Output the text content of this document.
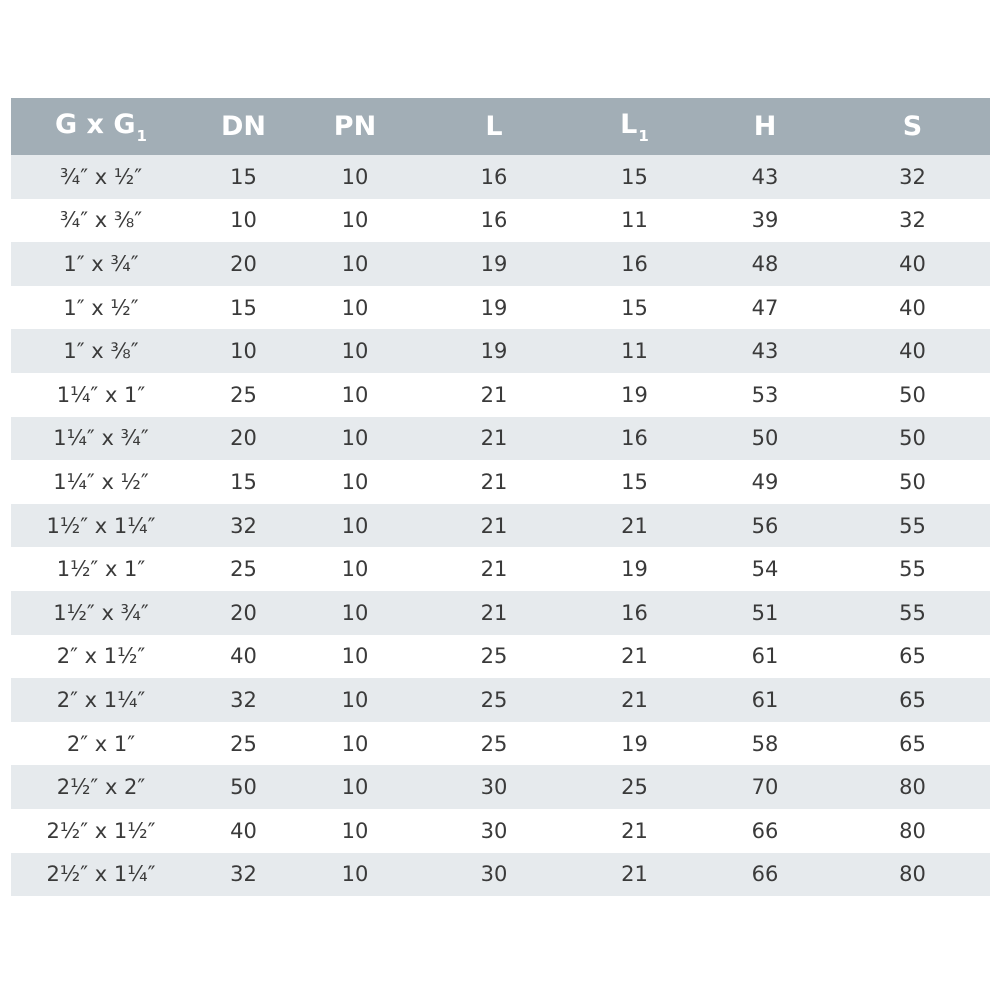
G x $G_1$	DN	PN	L	$L_1$	H	S
¾″ x ½″	15	10	16	15	43	32
¾″ x ⅜″	10	10	16	11	39	32
1″ x ¾″	20	10	19	16	48	40
1″ x ½″	15	10	19	15	47	40
1″ x ⅜″	10	10	19	11	43	40
1¼″ x 1″	25	10	21	19	53	50
1¼″ x ¾″	20	10	21	16	50	50
1¼″ x ½″	15	10	21	15	49	50
1½″ x 1¼″	32	10	21	21	56	55
1½″ x 1″	25	10	21	19	54	55
1½″ x ¾″	20	10	21	16	51	55
2″ x 1½″	40	10	25	21	61	65
2″ x 1¼″	32	10	25	21	61	65
2″ x 1″	25	10	25	19	58	65
2½″ x 2″	50	10	30	25	70	80
2½″ x 1½″	40	10	30	21	66	80
2½″ x 1¼″	32	10	30	21	66	80
